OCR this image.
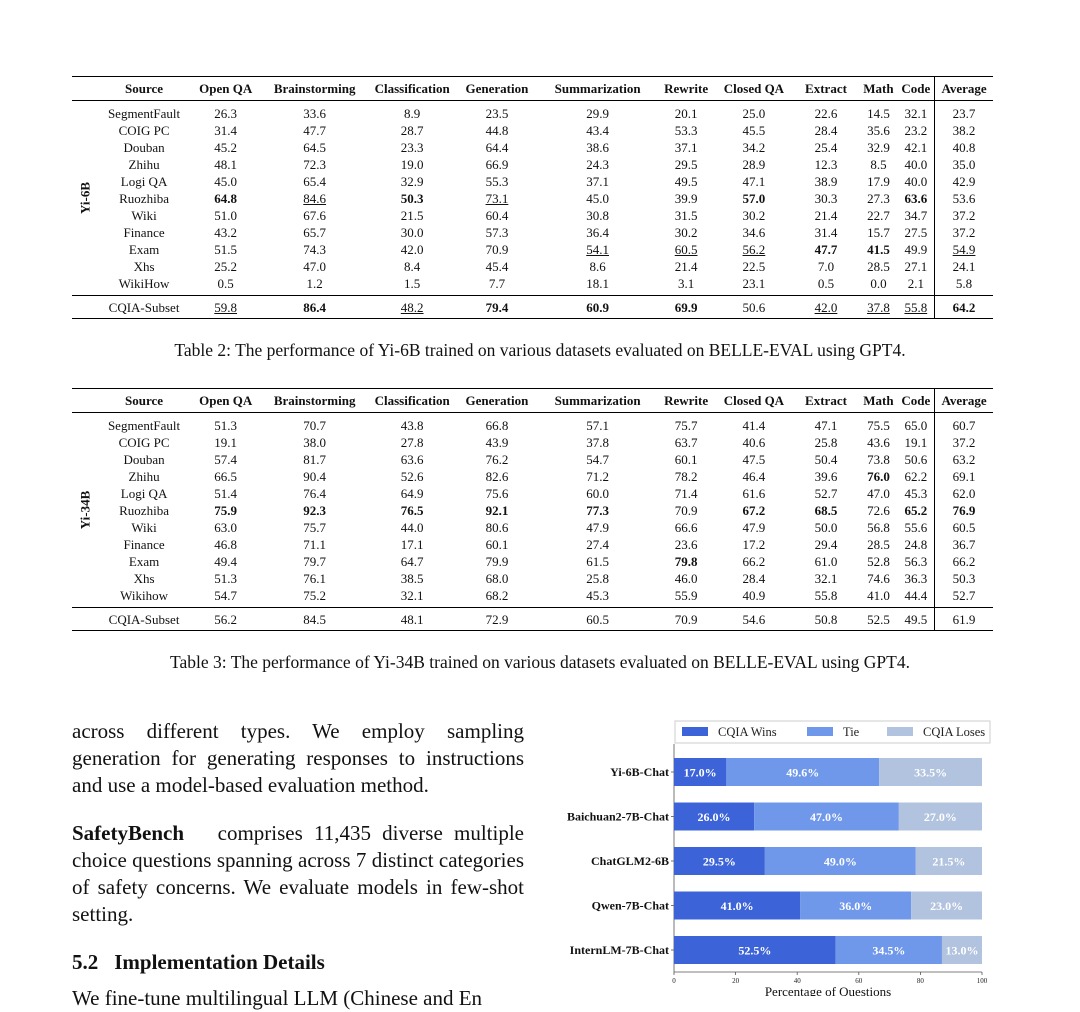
	Source	Open QA	Brainstorming	Classification	Generation	Summarization	Rewrite	Closed QA	Extract	Math	Code	Average

Yi-6B	SegmentFault	26.3	33.6	8.9	23.5	29.9	20.1	25.0	22.6	14.5	32.1	23.7
	COIG PC	31.4	47.7	28.7	44.8	43.4	53.3	45.5	28.4	35.6	23.2	38.2
	Douban	45.2	64.5	23.3	64.4	38.6	37.1	34.2	25.4	32.9	42.1	40.8
	Zhihu	48.1	72.3	19.0	66.9	24.3	29.5	28.9	12.3	8.5	40.0	35.0
	Logi QA	45.0	65.4	32.9	55.3	37.1	49.5	47.1	38.9	17.9	40.0	42.9
	Ruozhiba	64.8	84.6	50.3	73.1	45.0	39.9	57.0	30.3	27.3	63.6	53.6
	Wiki	51.0	67.6	21.5	60.4	30.8	31.5	30.2	21.4	22.7	34.7	37.2
	Finance	43.2	65.7	30.0	57.3	36.4	30.2	34.6	31.4	15.7	27.5	37.2
	Exam	51.5	74.3	42.0	70.9	54.1	60.5	56.2	47.7	41.5	49.9	54.9
	Xhs	25.2	47.0	8.4	45.4	8.6	21.4	22.5	7.0	28.5	27.1	24.1
	WikiHow	0.5	1.2	1.5	7.7	18.1	3.1	23.1	0.5	0.0	2.1	5.8
	CQIA-Subset	59.8	86.4	48.2	79.4	60.9	69.9	50.6	42.0	37.8	55.8	64.2
Table 2: The performance of Yi-6B trained on various datasets evaluated on BELLE-EVAL using GPT4.
	Source	Open QA	Brainstorming	Classification	Generation	Summarization	Rewrite	Closed QA	Extract	Math	Code	Average

Yi-34B	SegmentFault	51.3	70.7	43.8	66.8	57.1	75.7	41.4	47.1	75.5	65.0	60.7
	COIG PC	19.1	38.0	27.8	43.9	37.8	63.7	40.6	25.8	43.6	19.1	37.2
	Douban	57.4	81.7	63.6	76.2	54.7	60.1	47.5	50.4	73.8	50.6	63.2
	Zhihu	66.5	90.4	52.6	82.6	71.2	78.2	46.4	39.6	76.0	62.2	69.1
	Logi QA	51.4	76.4	64.9	75.6	60.0	71.4	61.6	52.7	47.0	45.3	62.0
	Ruozhiba	75.9	92.3	76.5	92.1	77.3	70.9	67.2	68.5	72.6	65.2	76.9
	Wiki	63.0	75.7	44.0	80.6	47.9	66.6	47.9	50.0	56.8	55.6	60.5
	Finance	46.8	71.1	17.1	60.1	27.4	23.6	17.2	29.4	28.5	24.8	36.7
	Exam	49.4	79.7	64.7	79.9	61.5	79.8	66.2	61.0	52.8	56.3	66.2
	Xhs	51.3	76.1	38.5	68.0	25.8	46.0	28.4	32.1	74.6	36.3	50.3
	Wikihow	54.7	75.2	32.1	68.2	45.3	55.9	40.9	55.8	41.0	44.4	52.7
	CQIA-Subset	56.2	84.5	48.1	72.9	60.5	70.9	54.6	50.8	52.5	49.5	61.9
Table 3: The performance of Yi-34B trained on various datasets evaluated on BELLE-EVAL using GPT4.
across different types. We employ sampling generation for generating responses to instructions and use a model-based evaluation method.
SafetyBench comprises 11,435 diverse multiple choice questions spanning across 7 distinct categories of safety concerns. We evaluate models in few-shot setting.
5.2 Implementation Details
We fine-tune multilingual LLM (Chinese and En
CQIA Wins	Tie	CQIA Loses
17.0%	49.6%	33.5%
Yi-6B-Chat
26.0%	47.0%	27.0%
Baichuan2-7B-Chat
29.5%	49.0%	21.5%
ChatGLM2-6B
41.0%	36.0%	23.0%
Qwen-7B-Chat
52.5%	34.5%	13.0%
InternLM-7B-Chat
0	20	40	60	80	100
Percentage of Questions
